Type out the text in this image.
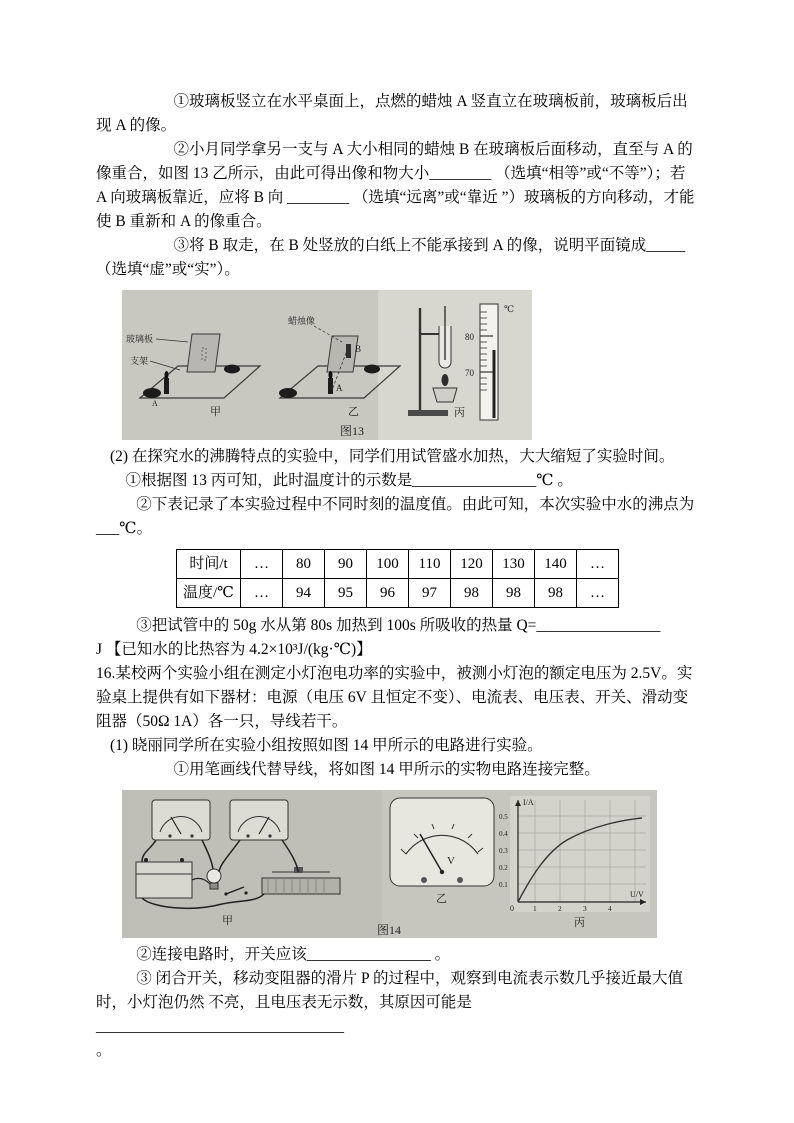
①玻璃板竖立在水平桌面上，点燃的蜡烛 A 竖直立在玻璃板前，玻璃板后出现 A 的像。

②小月同学拿另一支与 A 大小相同的蜡烛 B 在玻璃板后面移动，直至与 A 的像重合，如图 13 乙所示，由此可得出像和物大小________ （选填“相等”或“不等”）；若 A 向玻璃板靠近，应将 B 向 ________ （选填“远离”或“靠近 ”）玻璃板的方向移动，才能使 B 重新和 A 的像重合。

③将 B 取走，在 B 处竖放的白纸上不能承接到 A 的像，说明平面镜成_____ （选填“虚”或“实”）。

玻璃板
支架
A
甲
蜡烛像
B
A
乙
℃
80
70
丙
图13

(2) 在探究水的沸腾特点的实验中，同学们用试管盛水加热，大大缩短了实验时间。

①根据图 13 丙可知，此时温度计的示数是________________℃ 。

②下表记录了本实验过程中不同时刻的温度值。由此可知，本次实验中水的沸点为___℃。

时间/t	…	80	90	100	110	120	130	140	…
温度/℃	…	94	95	96	97	98	98	98	…

③把试管中的 50g 水从第 80s 加热到 100s 所吸收的热量 Q=________________

J 【已知水的比热容为 4.2×10³J/(kg·℃)】

16.某校两个实验小组在测定小灯泡电功率的实验中，被测小灯泡的额定电压为 2.5V。实验桌上提供有如下器材：电源（电压 6V 且恒定不变）、电流表、电压表、开关、滑动变阻器（50Ω 1A）各一只，导线若干。

(1) 晓丽同学所在实验小组按照如图 14 甲所示的电路进行实验。

①用笔画线代替导线，将如图 14 甲所示的实物电路连接完整。

甲
V
乙
I/A
U/V
0	1	2	3	4
0.5
0.4
0.3
0.2
0.1
丙
图14

②连接电路时，开关应该________________ 。

③ 闭合开关，移动变阻器的滑片 P 的过程中，观察到电流表示数几乎接近最大值时，小灯泡仍然 不亮，且电压表无示数，其原因可能是________________________________

。
